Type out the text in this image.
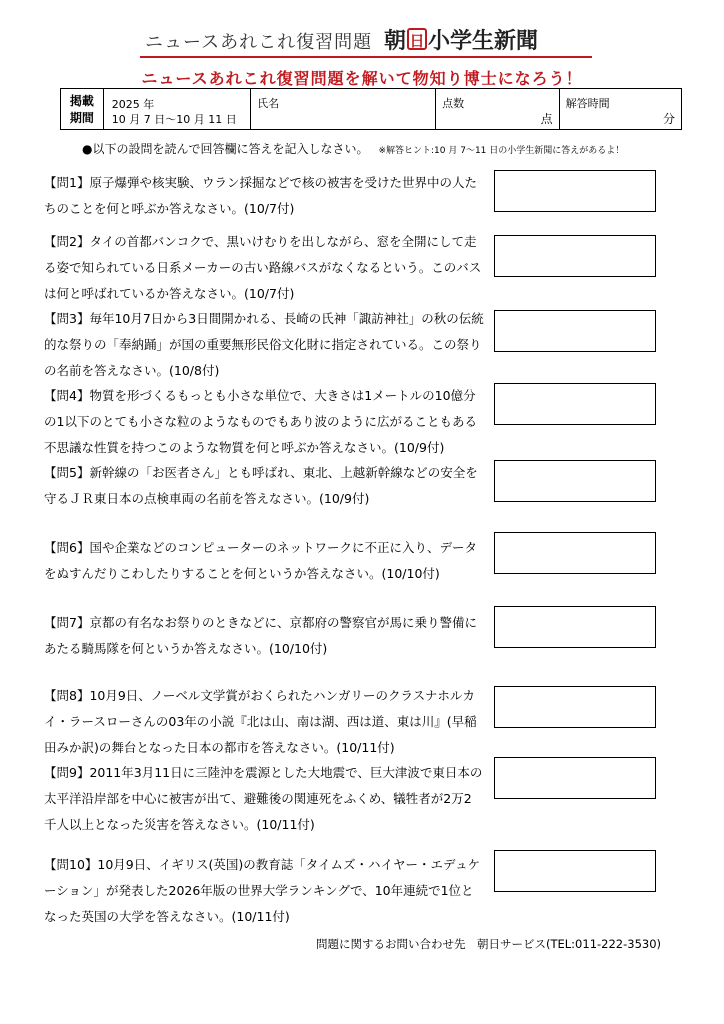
ニュースあれこれ復習問題 朝 日 小学生新聞
ニュースあれこれ復習問題を解いて物知り博士になろう！
掲載
期間
2025 年
10 月 7 日〜10 月 11 日
氏名	点数
点
解答時間
分
●以下の設問を読んで回答欄に答えを記入しなさい。 ※解答ヒント:10 月 7〜11 日の小学生新聞に答えがあるよ！
【問1】原子爆弾や核実験、ウラン採掘などで核の被害を受けた世界中の人たちのことを何と呼ぶか答えなさい。(10/7付)
【問2】タイの首都バンコクで、黒いけむりを出しながら、窓を全開にして走る姿で知られている日系メーカーの古い路線バスがなくなるという。このバスは何と呼ばれているか答えなさい。(10/7付)
【問3】毎年10月7日から3日間開かれる、長崎の氏神「諏訪神社」の秋の伝統的な祭りの「奉納踊」が国の重要無形民俗文化財に指定されている。この祭りの名前を答えなさい。(10/8付)
【問4】物質を形づくるもっとも小さな単位で、大きさは1メートルの10億分の1以下のとても小さな粒のようなものでもあり波のように広がることもある不思議な性質を持つこのような物質を何と呼ぶか答えなさい。(10/9付)
【問5】新幹線の「お医者さん」とも呼ばれ、東北、上越新幹線などの安全を守るＪＲ東日本の点検車両の名前を答えなさい。(10/9付)
【問6】国や企業などのコンピューターのネットワークに不正に入り、データをぬすんだりこわしたりすることを何というか答えなさい。(10/10付)
【問7】京都の有名なお祭りのときなどに、京都府の警察官が馬に乗り警備にあたる騎馬隊を何というか答えなさい。(10/10付)
【問8】10月9日、ノーベル文学賞がおくられたハンガリーのクラスナホルカイ・ラースローさんの03年の小説『北は山、南は湖、西は道、東は川』(早稲田みか訳)の舞台となった日本の都市を答えなさい。(10/11付)
【問9】2011年3月11日に三陸沖を震源とした大地震で、巨大津波で東日本の太平洋沿岸部を中心に被害が出て、避難後の関連死をふくめ、犠牲者が2万2千人以上となった災害を答えなさい。(10/11付)
【問10】10月9日、イギリス(英国)の教育誌「タイムズ・ハイヤー・エデュケーション」が発表した2026年版の世界大学ランキングで、10年連続で1位となった英国の大学を答えなさい。(10/11付)
問題に関するお問い合わせ先　朝日サービス(TEL:011-222-3530)
